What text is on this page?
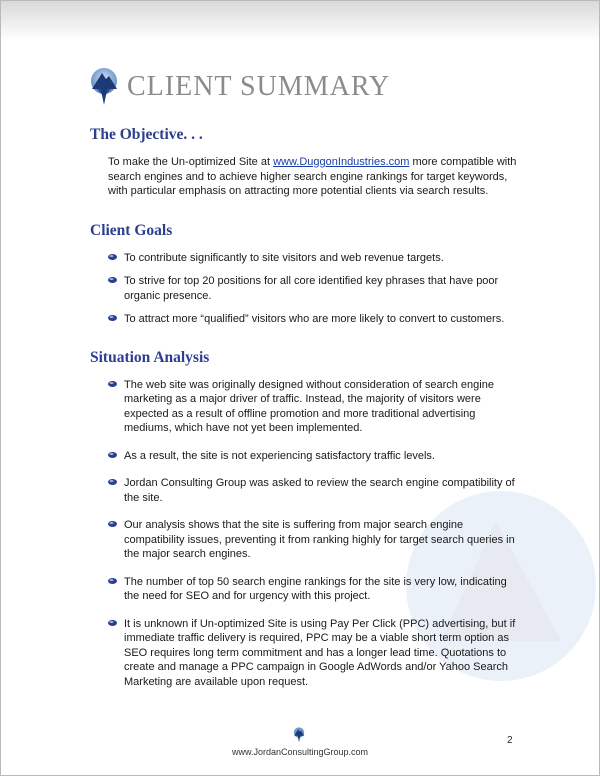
CLIENT SUMMARY
The Objective. . .

To make the Un-optimized Site at www.DuggonIndustries.com more compatible with search engines and to achieve higher search engine rankings for target keywords, with particular emphasis on attracting more potential clients via search results.

Client Goals
To contribute significantly to site visitors and web revenue targets.
To strive for top 20 positions for all core identified key phrases that have poor organic presence.
To attract more “qualified” visitors who are more likely to convert to customers.
Situation Analysis
The web site was originally designed without consideration of search engine marketing as a major driver of traffic. Instead, the majority of visitors were expected as a result of offline promotion and more traditional advertising mediums, which have not yet been implemented.
As a result, the site is not experiencing satisfactory traffic levels.
Jordan Consulting Group was asked to review the search engine compatibility of the site.
Our analysis shows that the site is suffering from major search engine compatibility issues, preventing it from ranking highly for target search queries in the major search engines.
The number of top 50 search engine rankings for the site is very low, indicating the need for SEO and for urgency with this project.
It is unknown if Un-optimized Site is using Pay Per Click (PPC) advertising, but if immediate traffic delivery is required, PPC may be a viable short term option as SEO requires long term commitment and has a longer lead time. Quotations to create and manage a PPC campaign in Google AdWords and/or Yahoo Search Marketing are available upon request.
www.JordanConsultingGroup.com
2
